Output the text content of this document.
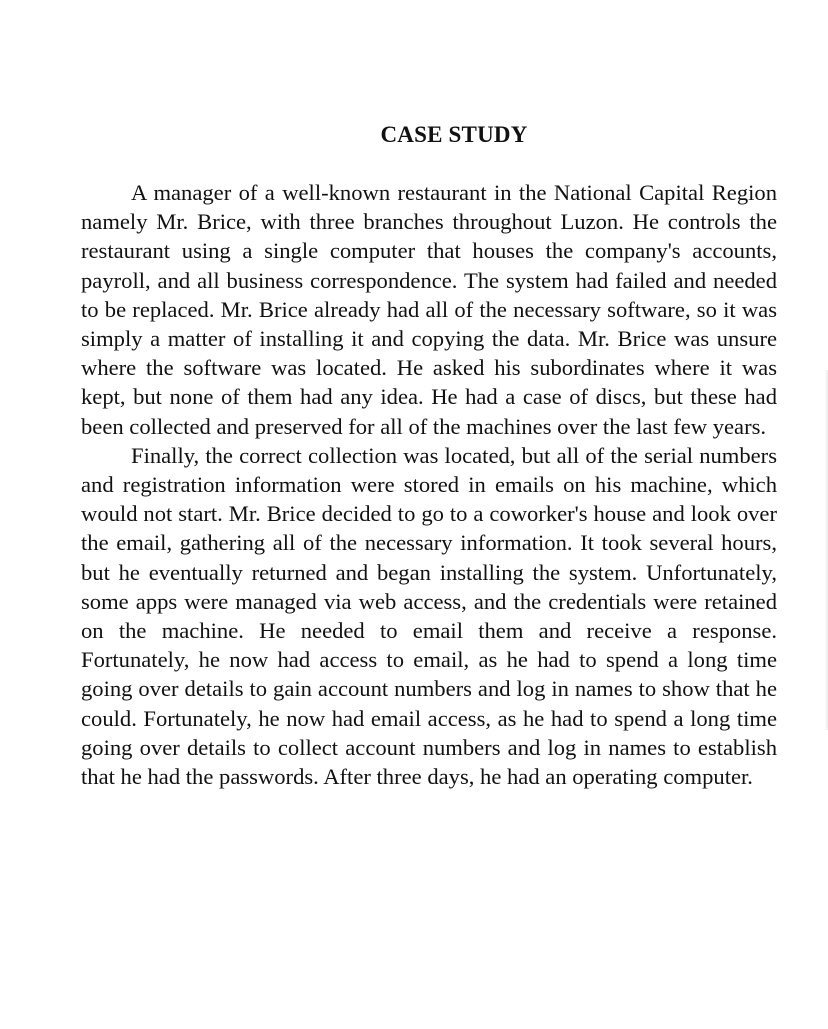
CASE STUDY

A manager of a well-known restaurant in the National Capital Region namely Mr. Brice, with three branches throughout Luzon. He controls the restaurant using a single computer that houses the company's accounts, payroll, and all business correspondence. The system had failed and needed to be replaced. Mr. Brice already had all of the necessary software, so it was simply a matter of installing it and copying the data. Mr. Brice was unsure where the software was located. He asked his subordinates where it was kept, but none of them had any idea. He had a case of discs, but these had been collected and preserved for all of the machines over the last few years.

Finally, the correct collection was located, but all of the serial numbers and registration information were stored in emails on his machine, which would not start. Mr. Brice decided to go to a coworker's house and look over the email, gathering all of the necessary information. It took several hours, but he eventually returned and began installing the system. Unfortunately, some apps were managed via web access, and the credentials were retained on the machine. He needed to email them and receive a response. Fortunately, he now had access to email, as he had to spend a long time going over details to gain account numbers and log in names to show that he could. Fortunately, he now had email access, as he had to spend a long time going over details to collect account numbers and log in names to establish that he had the passwords. After three days, he had an operating computer.
